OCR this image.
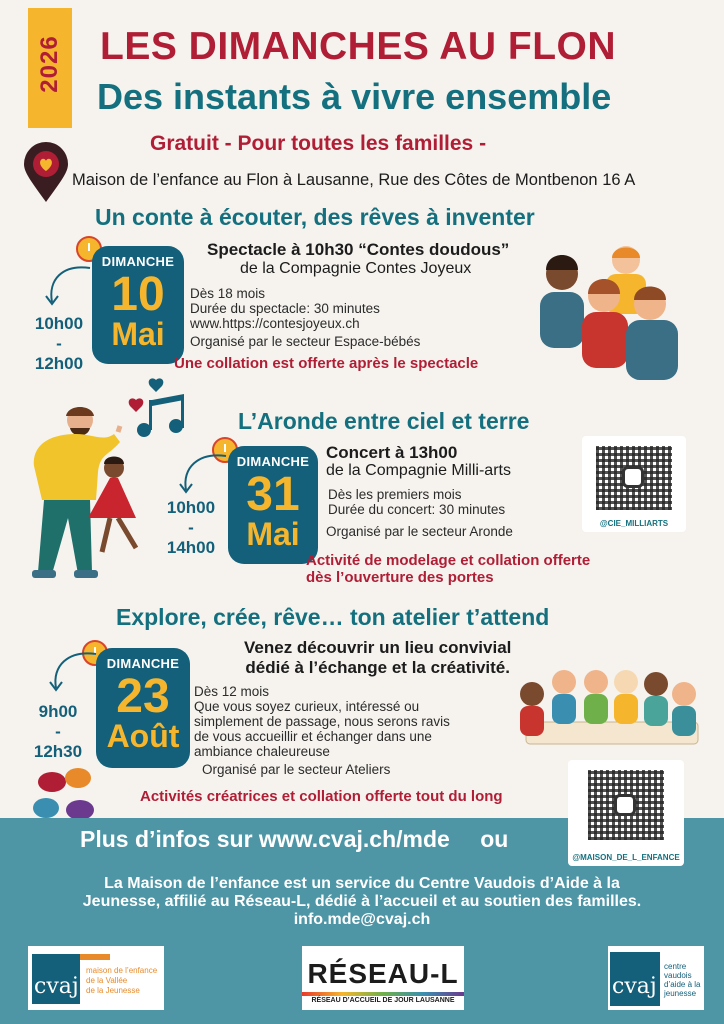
2026 LES DIMANCHES AU FLON
Des instants à vivre ensemble
Gratuit - Pour toutes les familles -
Maison de l’enfance au Flon à Lausanne, Rue des Côtes de Montbenon 16 A
Un conte à écouter, des rêves à inventer
DIMANCHE
10
Mai
10h00
-
12h00
Spectacle à 10h30 “Contes doudous”
de la Compagnie Contes Joyeux
Dès 18 mois
Durée du spectacle: 30 minutes
www.https://contesjoyeux.ch
Organisé par le secteur Espace-bébés
Une collation est offerte après le spectacle
L’Aronde entre ciel et terre
DIMANCHE
31
Mai
10h00
-
14h00
Concert à 13h00
de la Compagnie Milli-arts
Dès les premiers mois
Durée du concert: 30 minutes
Organisé par le secteur Aronde
Activité de modelage et collation offerte
dès l’ouverture des portes
@CIE_MILLIARTS
Explore, crée, rêve… ton atelier t’attend
DIMANCHE
23
Août
9h00
-
12h30
Venez découvrir un lieu convivial
dédié à l’échange et la créativité.
Dès 12 mois
Que vous soyez curieux, intéressé ou
simplement de passage, nous serons ravis
de vous accueillir et échanger dans une
ambiance chaleureuse
Organisé par le secteur Ateliers
Activités créatrices et collation offerte tout du long
Plus d’infos sur www.cvaj.ch/mde ou
@MAISON_DE_L_ENFANCE
La Maison de l’enfance est un service du Centre Vaudois d’Aide à la
Jeunesse, affilié au Réseau-L, dédié à l’accueil et au soutien des familles.
info.mde@cvaj.ch
cvaj
maison de l’enfance
de la Vallée
de la Jeunesse
RÉSEAU-L
RÉSEAU D’ACCUEIL DE JOUR LAUSANNE
cvaj
centre
vaudois
d’aide à la
jeunesse
